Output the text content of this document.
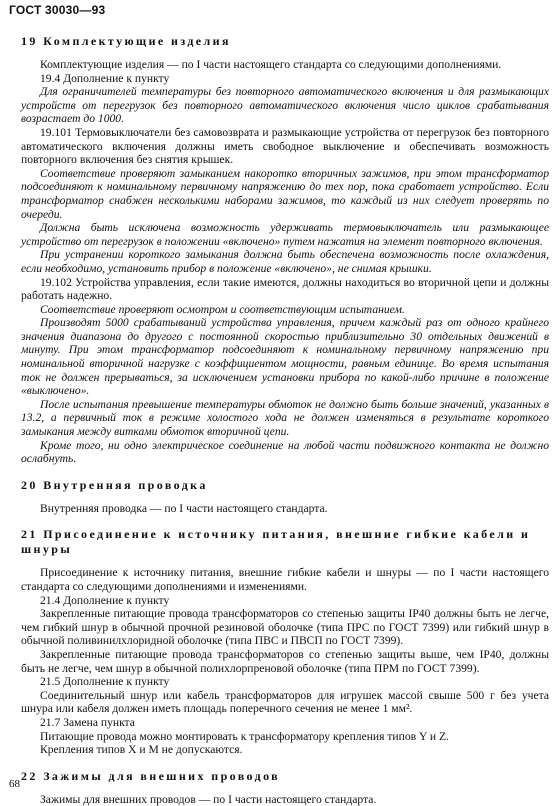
ГОСТ 30030—93

19 Комплектующие изделия

Комплектующие изделия — по I части настоящего стандарта со следующими дополнениями.

19.4 Дополнение к пункту

Для ограничителей температуры без повторного автоматического включения и для размыкающих устройств от перегрузок без повторного автоматического включения число циклов срабатывания возрастает до 1000.

19.101 Термовыключатели без самовозврата и размыкающие устройства от перегрузок без повторного автоматического включения должны иметь свободное выключение и обеспечивать возможность повторного включения без снятия крышек.

Соответствие проверяют замыканием накоротко вторичных зажимов, при этом трансформатор подсоединяют к номинальному первичному напряжению до тех пор, пока сработает устройство. Если трансформатор снабжен несколькими наборами зажимов, то каждый из них следует проверять по очереди.

Должна быть исключена возможность удерживать термовыключатель или размыкающее устройство от перегрузок в положении «включено» путем нажатия на элемент повторного включения.

При устранении короткого замыкания должна быть обеспечена возможность после охлаждения, если необходимо, установить прибор в положение «включено», не снимая крышки.

19.102 Устройства управления, если такие имеются, должны находиться во вторичной цепи и должны работать надежно.

Соответствие проверяют осмотром и соответствующим испытанием.

Производят 5000 срабатываний устройства управления, причем каждый раз от одного крайнего значения диапазона до другого с постоянной скоростью приблизительно 30 отдельных движений в минуту. При этом трансформатор подсоединяют к номинальному первичному напряжению при номинальной вторичной нагрузке с коэффициентом мощности, равным единице. Во время испытания ток не должен прерываться, за исключением установки прибора по какой-либо причине в положение «выключено».

После испытания превышение температуры обмоток не должно быть больше значений, указанных в 13.2, а первичный ток в режиме холостого хода не должен изменяться в результате короткого замыкания между витками обмоток вторичной цепи.

Кроме того, ни одно электрическое соединение на любой части подвижного контакта не должно ослабнуть.

20 Внутренняя проводка

Внутренняя проводка — по I части настоящего стандарта.

21 Присоединение к источнику питания, внешние гибкие кабели и шнуры

Присоединение к источнику питания, внешние гибкие кабели и шнуры — по I части настоящего стандарта со следующими дополнениями и изменениями.

21.4 Дополнение к пункту

Закрепленные питающие провода трансформаторов со степенью защиты IP40 должны быть не легче, чем гибкий шнур в обычной прочной резиновой оболочке (типа ПРС по ГОСТ 7399) или гибкий шнур в обычной поливинилхлоридной оболочке (типа ПВС и ПВСП по ГОСТ 7399).

Закрепленные питающие провода трансформаторов со степенью защиты выше, чем IP40, должны быть не легче, чем шнур в обычной полихлорпреновой оболочке (типа ПРМ по ГОСТ 7399).

21.5 Дополнение к пункту

Соединительный шнур или кабель трансформаторов для игрушек массой свыше 500 г без учета шнура или кабеля должен иметь площадь поперечного сечения не менее 1 мм².

21.7 Замена пункта

Питающие провода можно монтировать к трансформатору крепления типов Y и Z.

Крепления типов X и M не допускаются.

22 Зажимы для внешних проводов

Зажимы для внешних проводов — по I части настоящего стандарта.

68
